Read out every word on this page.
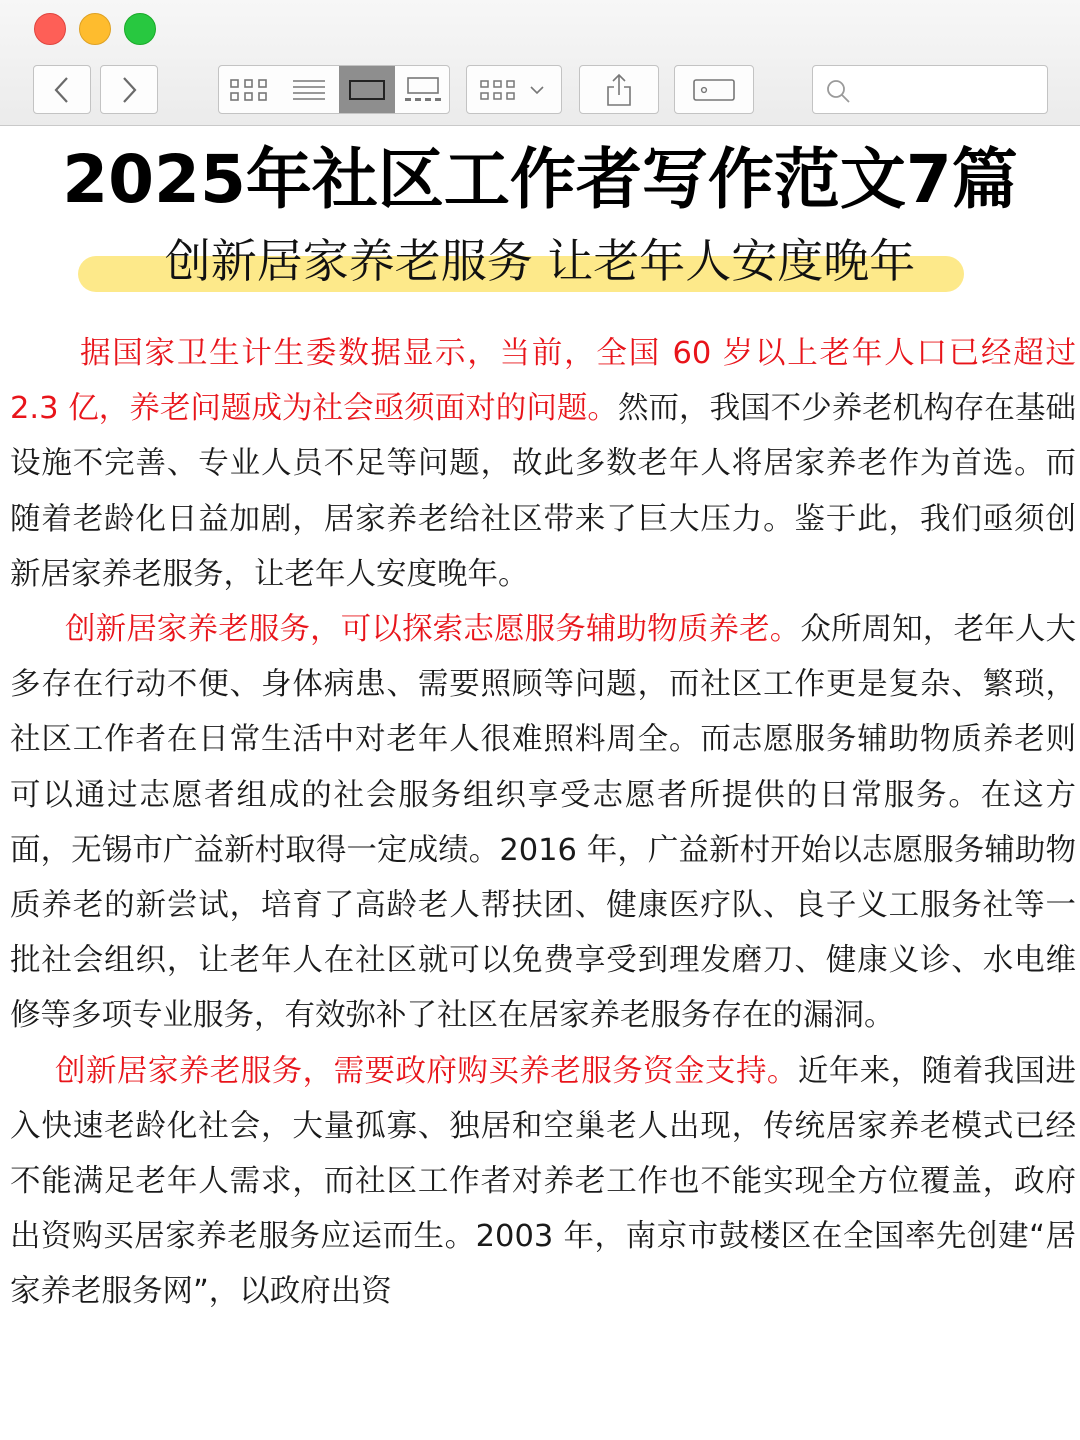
2025年社区工作者写作范文7篇
创新居家养老服务 让老年人安度晚年

据国家卫生计生委数据显示，当前，全国 60 岁以上老年人口已经超过 2.3 亿，养老问题成为社会亟须面对的问题。然而，我国不少养老机构存在基础设施不完善、专业人员不足等问题，故此多数老年人将居家养老作为首选。而随着老龄化日益加剧，居家养老给社区带来了巨大压力。鉴于此，我们亟须创新居家养老服务，让老年人安度晚年。

创新居家养老服务，可以探索志愿服务辅助物质养老。众所周知，老年人大多存在行动不便、身体病患、需要照顾等问题，而社区工作更是复杂、繁琐，社区工作者在日常生活中对老年人很难照料周全。而志愿服务辅助物质养老则可以通过志愿者组成的社会服务组织享受志愿者所提供的日常服务。在这方面，无锡市广益新村取得一定成绩。2016 年，广益新村开始以志愿服务辅助物质养老的新尝试，培育了高龄老人帮扶团、健康医疗队、良子义工服务社等一批社会组织，让老年人在社区就可以免费享受到理发磨刀、健康义诊、水电维修等多项专业服务，有效弥补了社区在居家养老服务存在的漏洞。

创新居家养老服务，需要政府购买养老服务资金支持。近年来，随着我国进入快速老龄化社会，大量孤寡、独居和空巢老人出现，传统居家养老模式已经不能满足老年人需求，而社区工作者对养老工作也不能实现全方位覆盖，政府出资购买居家养老服务应运而生。2003 年，南京市鼓楼区在全国率先创建“居家养老服务网”，以政府出资
